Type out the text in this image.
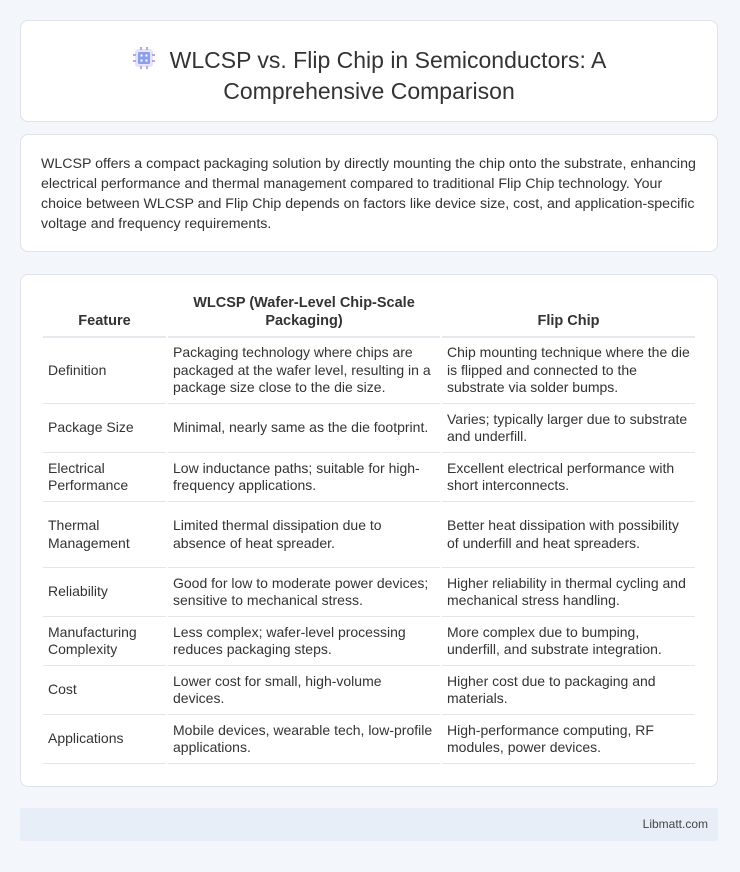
WLCSP vs. Flip Chip in Semiconductors: A
Comprehensive Comparison
WLCSP offers a compact packaging solution by directly mounting the chip onto the substrate, enhancing electrical performance and thermal management compared to traditional Flip Chip technology. Your choice between WLCSP and Flip Chip depends on factors like device size, cost, and application-specific voltage and frequency requirements.
Feature	WLCSP (Wafer-Level Chip-Scale Packaging)	Flip Chip
Definition	Packaging technology where chips are packaged at the wafer level, resulting in a package size close to the die size.	Chip mounting technique where the die is flipped and connected to the substrate via solder bumps.
Package Size	Minimal, nearly same as the die footprint.	Varies; typically larger due to substrate and underfill.
Electrical Performance	Low inductance paths; suitable for high-frequency applications.	Excellent electrical performance with short interconnects.
Thermal Management	Limited thermal dissipation due to absence of heat spreader.	Better heat dissipation with possibility of underfill and heat spreaders.
Reliability	Good for low to moderate power devices; sensitive to mechanical stress.	Higher reliability in thermal cycling and mechanical stress handling.
Manufacturing Complexity	Less complex; wafer-level processing reduces packaging steps.	More complex due to bumping, underfill, and substrate integration.
Cost	Lower cost for small, high-volume devices.	Higher cost due to packaging and materials.
Applications	Mobile devices, wearable tech, low-profile applications.	High-performance computing, RF modules, power devices.
Libmatt.com
